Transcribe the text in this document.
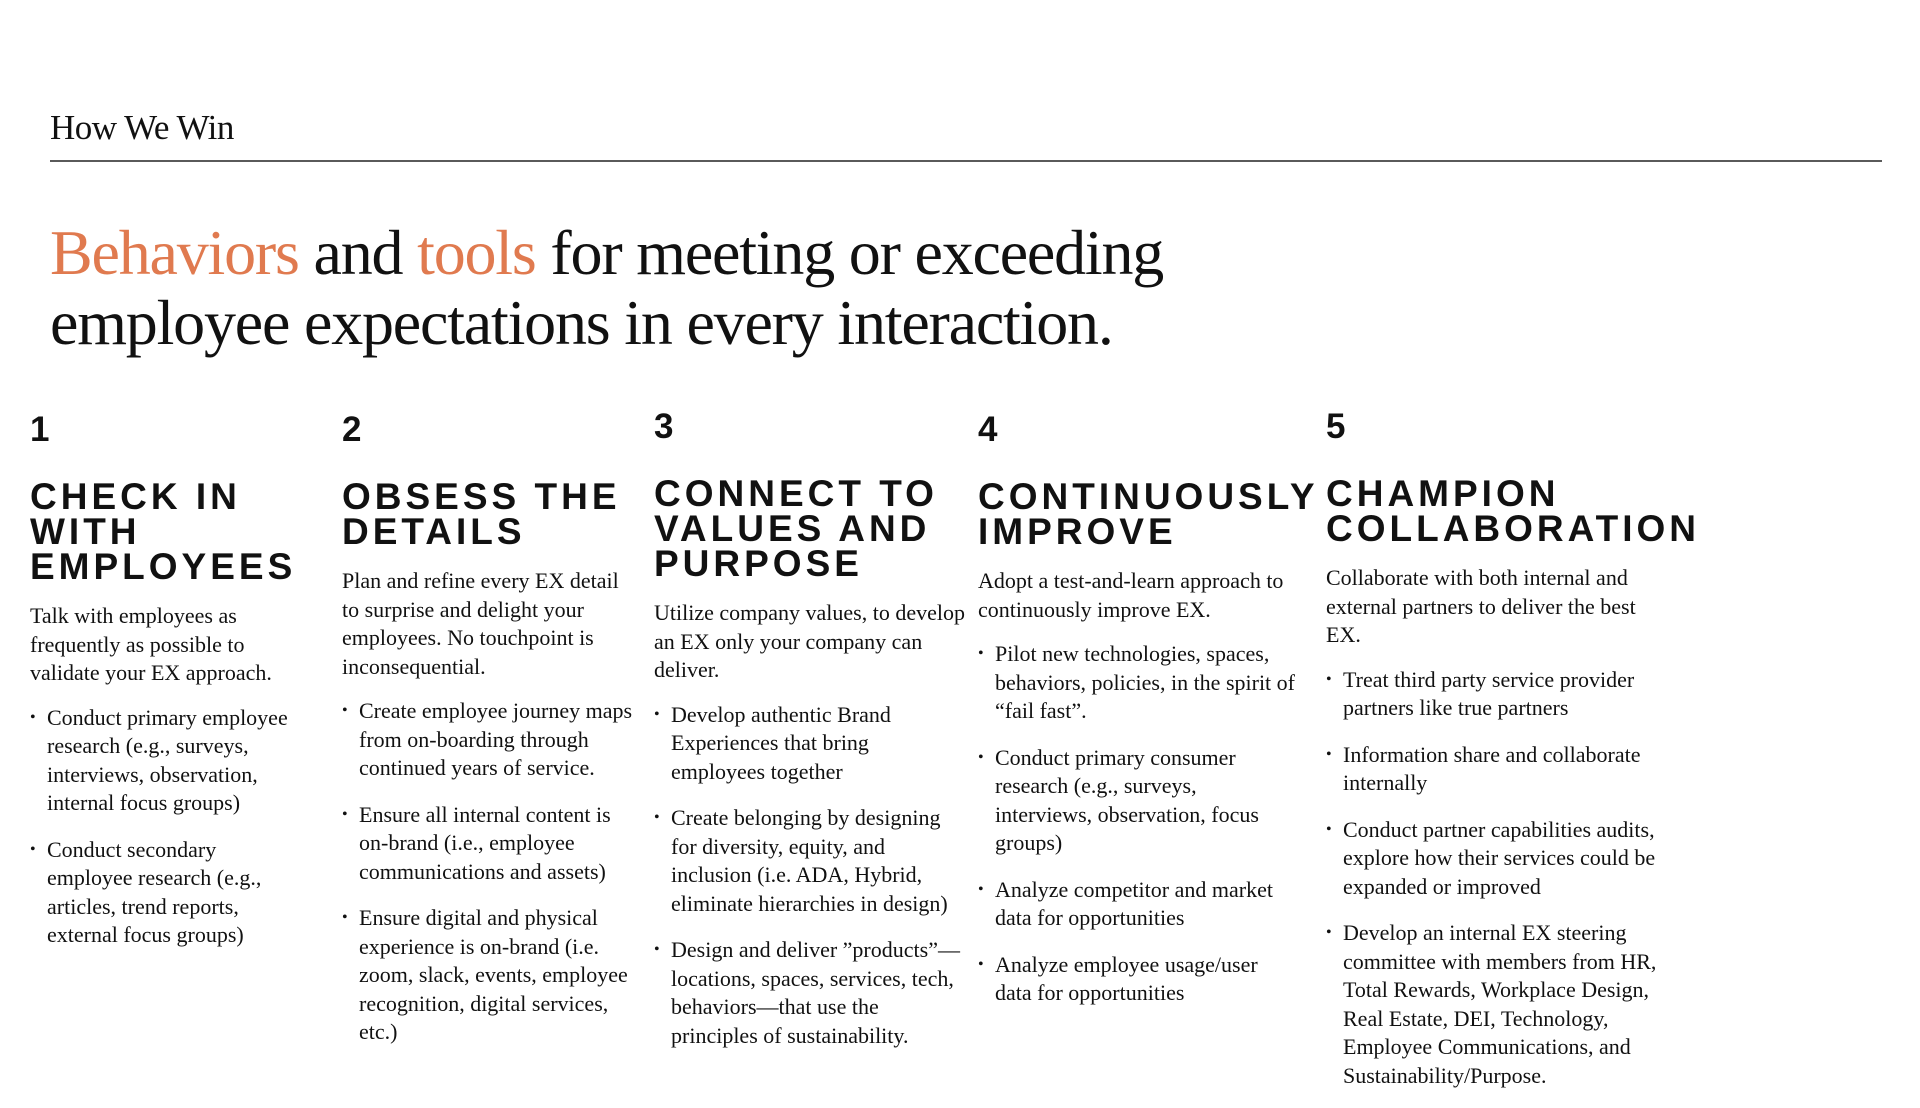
How We Win
Behaviors and tools for meeting or exceeding
employee expectations in every interaction.
1
CHECK IN WITH EMPLOYEES

Talk with employees as frequently as possible to validate your EX approach.

• Conduct primary employee research (e.g., surveys, interviews, observation, internal focus groups)
• Conduct secondary employee research (e.g., articles, trend reports, external focus groups)
2
OBSESS THE DETAILS

Plan and refine every EX detail to surprise and delight your employees. No touchpoint is inconsequential.

• Create employee journey maps from on-boarding through continued years of service.
• Ensure all internal content is on-brand (i.e., employee communications and assets)
• Ensure digital and physical experience is on-brand (i.e. zoom, slack, events, employee recognition, digital services, etc.)
3
CONNECT TO VALUES AND PURPOSE

Utilize company values, to develop an EX only your company can deliver.

• Develop authentic Brand Experiences that bring employees together
• Create belonging by designing for diversity, equity, and inclusion (i.e. ADA, Hybrid, eliminate hierarchies in design)
• Design and deliver ”products”—locations, spaces, services, tech, behaviors—that use the principles of sustainability.
4
CONTINUOUSLY IMPROVE

Adopt a test-and-learn approach to continuously improve EX.

• Pilot new technologies, spaces, behaviors, policies, in the spirit of “fail fast”.
• Conduct primary consumer research (e.g., surveys, interviews, observation, focus groups)
• Analyze competitor and market data for opportunities
• Analyze employee usage/user data for opportunities
5
CHAMPION COLLABORATION

Collaborate with both internal and external partners to deliver the best EX.

• Treat third party service provider partners like true partners
• Information share and collaborate internally
• Conduct partner capabilities audits, explore how their services could be expanded or improved
• Develop an internal EX steering committee with members from HR, Total Rewards, Workplace Design, Real Estate, DEI, Technology, Employee Communications, and Sustainability/Purpose.
